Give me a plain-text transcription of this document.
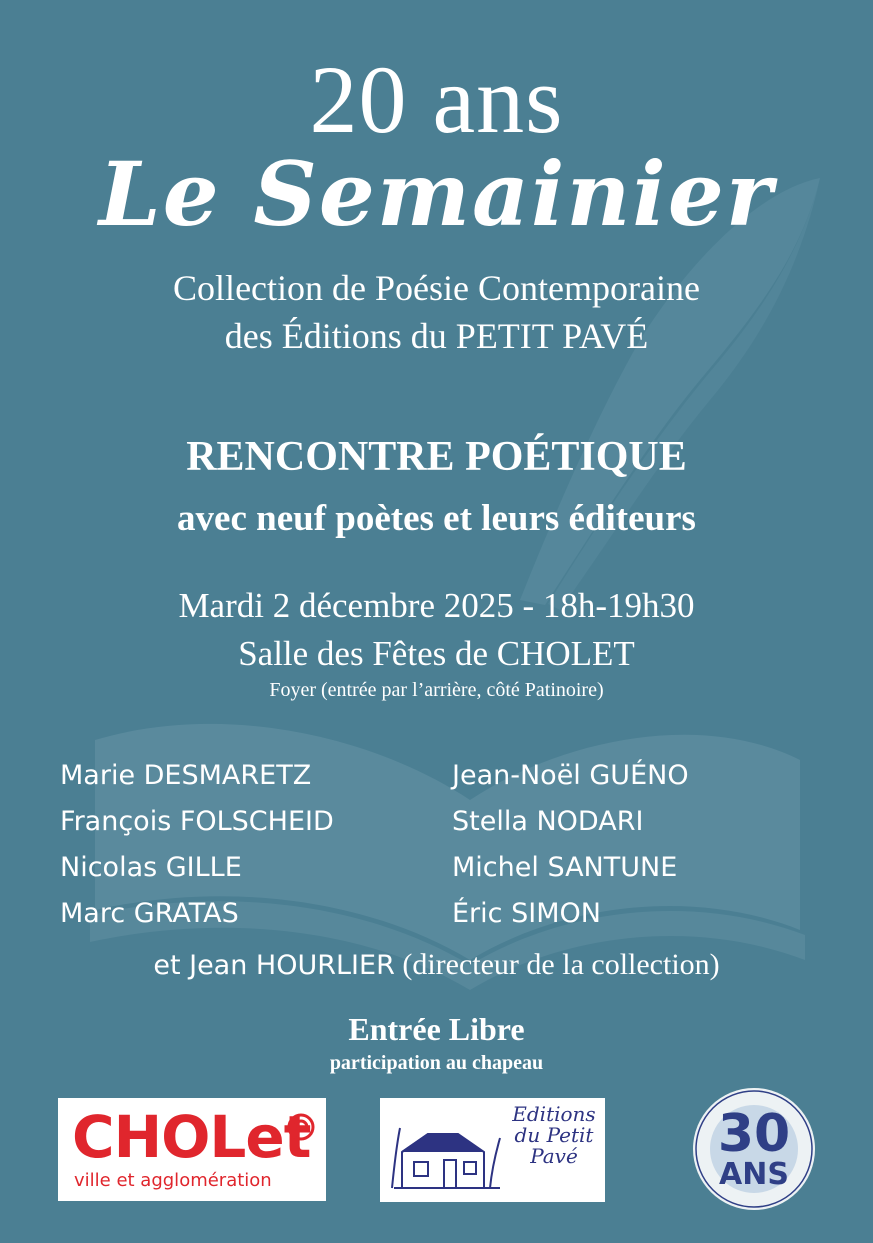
20 ans
Le Semainier
Collection de Poésie Contemporaine
des Éditions du PETIT PAVÉ
RENCONTRE POÉTIQUE
avec neuf poètes et leurs éditeurs
Mardi 2 décembre 2025 - 18h-19h30
Salle des Fêtes de CHOLET
Foyer (entrée par l’arrière, côté Patinoire)
Marie DESMARETZ
François FOLSCHEID
Nicolas GILLE
Marc GRATAS
Jean-Noël GUÉNO
Stella NODARI
Michel SANTUNE
Éric SIMON
et Jean HOURLIER (directeur de la collection)
Entrée Libre
participation au chapeau
CHOLet
ville et agglomération
Editions
du Petit
Pavé	30
ANS
